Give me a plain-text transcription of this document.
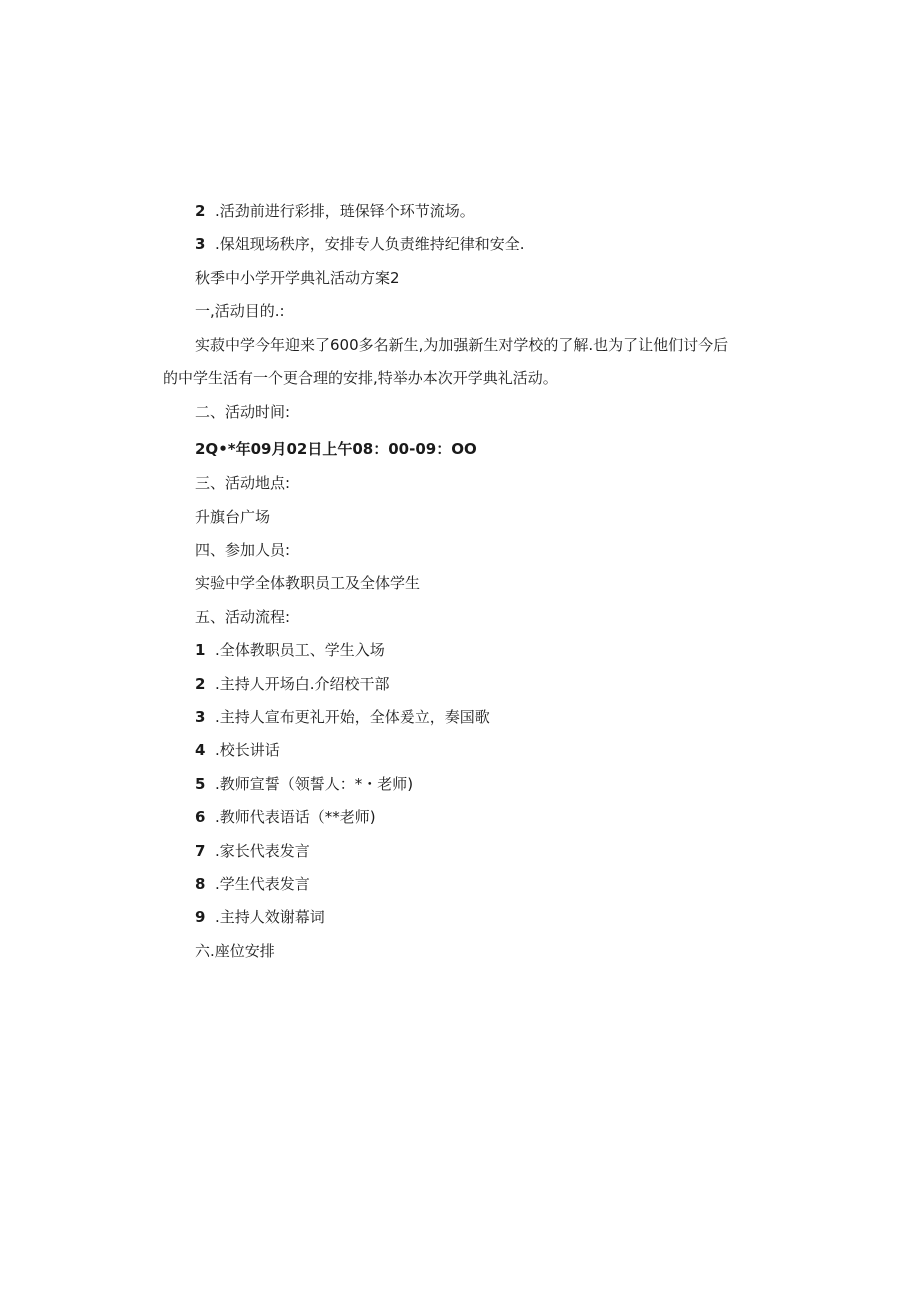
2 .活劲前进行彩排，琏保铎个环节流场。
3 .保俎现场秩序，安排专人负责维持纪律和安全.
秋季中小学开学典礼活动方案2
一,活动目的.:
实菽中学今年迎来了600多名新生,为加强新生对学校的了解.也为了让他们讨今后
的中学生活有一个更合理的安排,特举办本次开学典礼活动。
二、活动时间:
2Q•*年09月02日上午08：00-09：OO
三、活动地点:
升旗台广场
四、参加人员:
实验中学全体教职员工及全体学生
五、活动流程:
1 .全体教职员工、学生入场
2 .主持人开场白.介绍校干部
3 .主持人宣布更礼开始，全体爰立，奏国歌
4 .校长讲话
5 .教师宣誓（领誓人：*・老师)
6 .教师代表语话（**老师)
7 .家长代表发言
8 .学生代表发言
9 .主持人效谢幕词
六.座位安排
